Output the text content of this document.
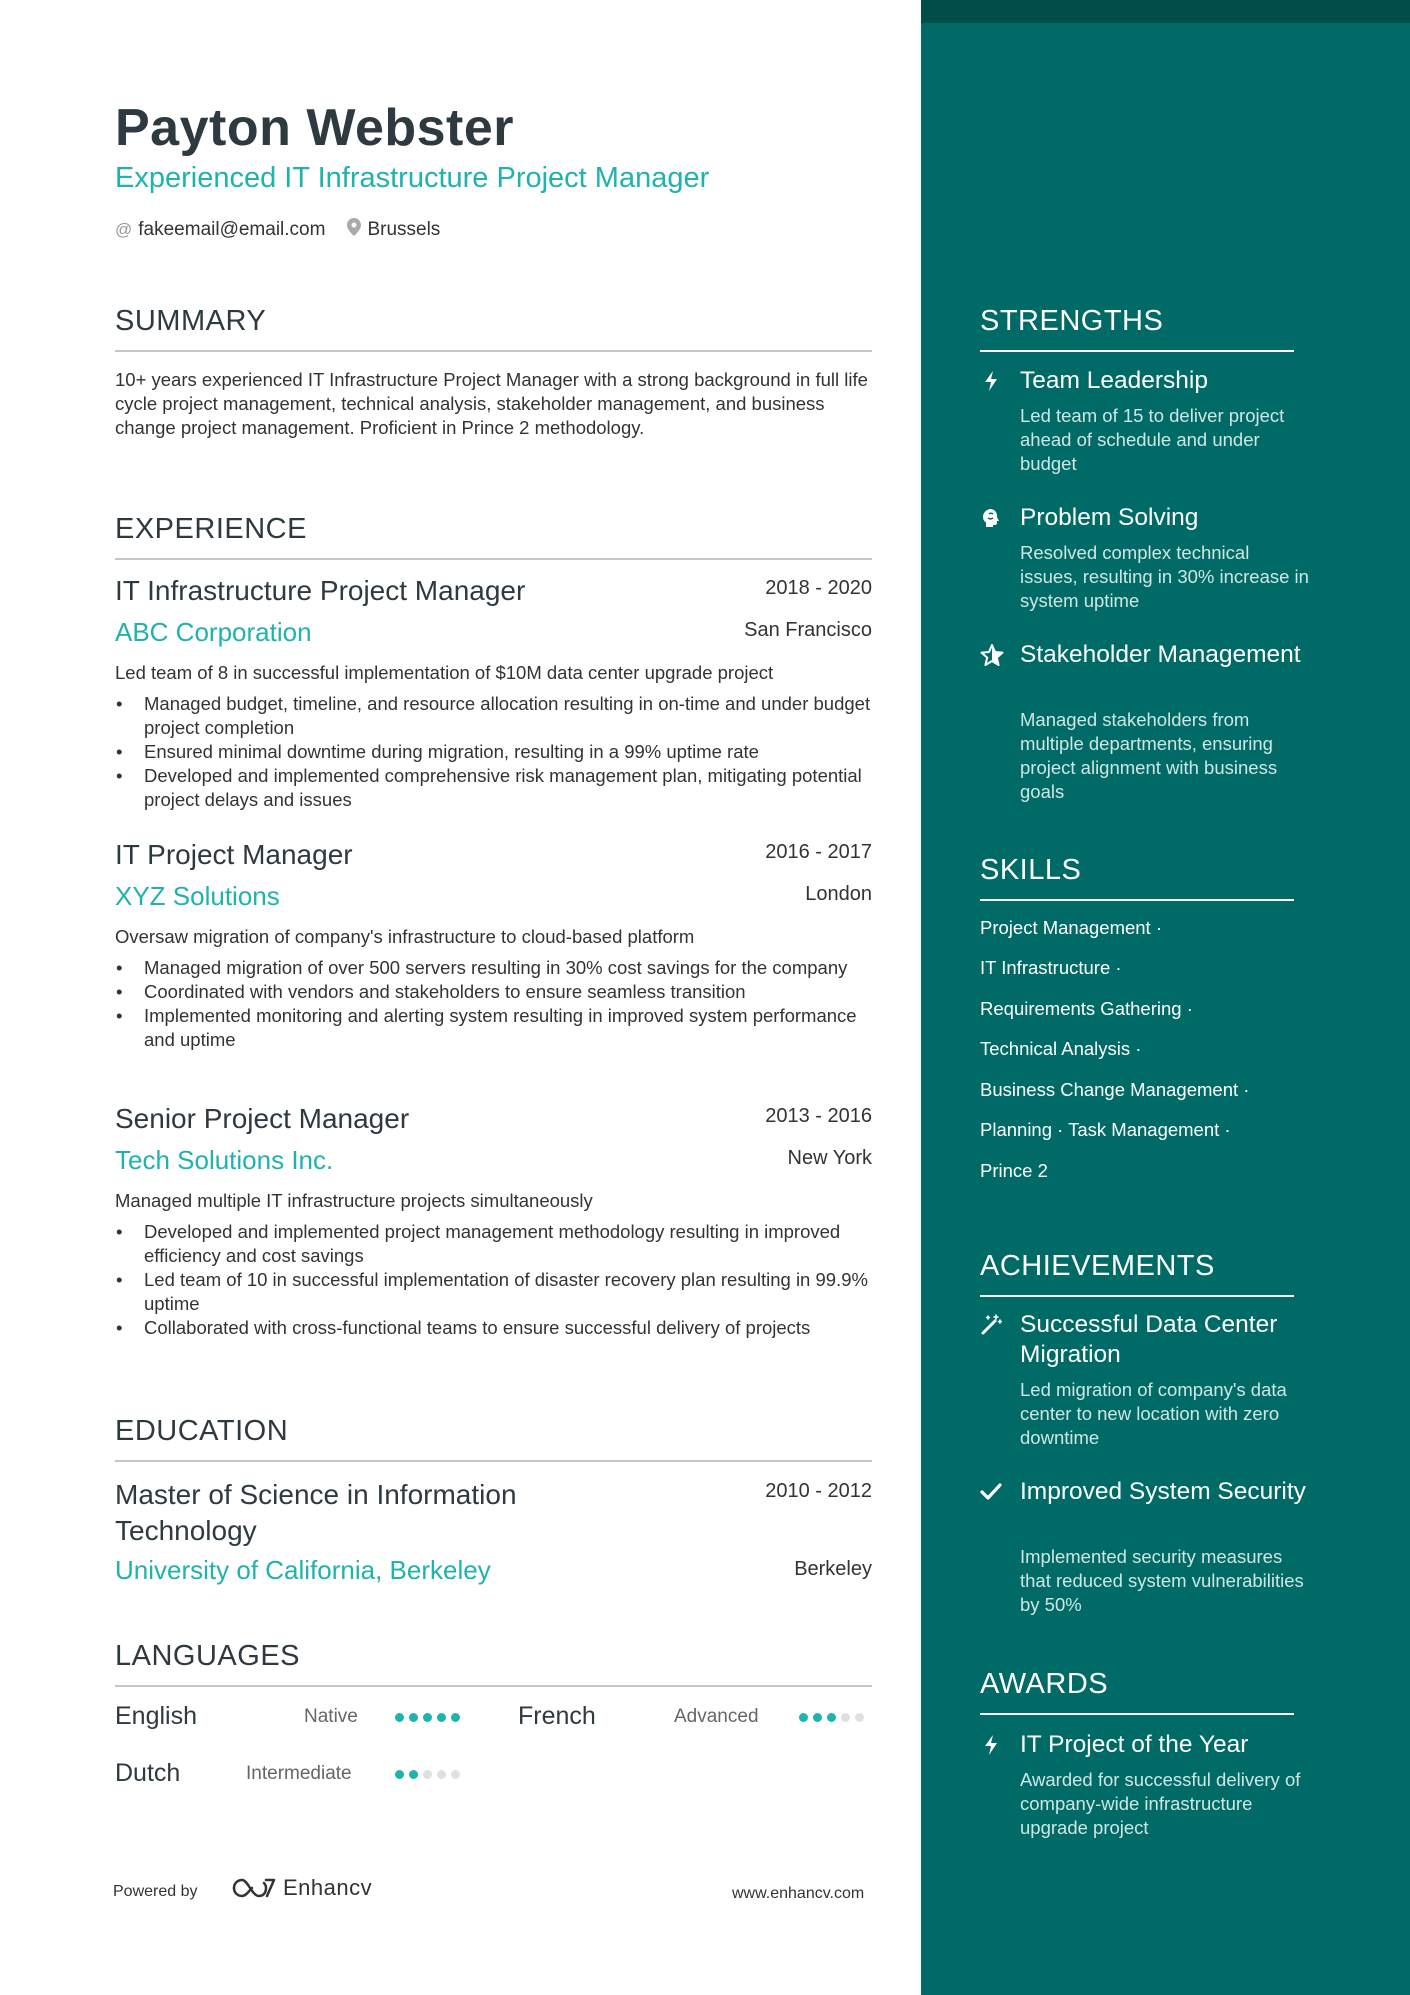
Payton Webster
Experienced IT Infrastructure Project Manager
@ fakeemail@email.com Brussels
SUMMARY
10+ years experienced IT Infrastructure Project Manager with a strong background in full life cycle project management, technical analysis, stakeholder management, and business change project management. Proficient in Prince 2 methodology.
EXPERIENCE
IT Infrastructure Project Manager	2018 - 2020
ABC Corporation	San Francisco
Led team of 8 in successful implementation of $10M data center upgrade project
• Managed budget, timeline, and resource allocation resulting in on-time and under budget project completion
• Ensured minimal downtime during migration, resulting in a 99% uptime rate
• Developed and implemented comprehensive risk management plan, mitigating potential project delays and issues
IT Project Manager	2016 - 2017
XYZ Solutions	London
Oversaw migration of company's infrastructure to cloud-based platform
• Managed migration of over 500 servers resulting in 30% cost savings for the company
• Coordinated with vendors and stakeholders to ensure seamless transition
• Implemented monitoring and alerting system resulting in improved system performance and uptime
Senior Project Manager	2013 - 2016
Tech Solutions Inc.	New York
Managed multiple IT infrastructure projects simultaneously
• Developed and implemented project management methodology resulting in improved efficiency and cost savings
• Led team of 10 in successful implementation of disaster recovery plan resulting in 99.9% uptime
• Collaborated with cross-functional teams to ensure successful delivery of projects
EDUCATION
Master of Science in Information Technology
2010 - 2012
University of California, Berkeley	Berkeley
LANGUAGES
English	Native	French	Advanced
Dutch	Intermediate
Powered by	Enhancv	www.enhancv.com
STRENGTHS
Team Leadership
Led team of 15 to deliver project ahead of schedule and under budget
Problem Solving
Resolved complex technical issues, resulting in 30% increase in system uptime
Stakeholder Management
Managed stakeholders from multiple departments, ensuring project alignment with business goals
SKILLS
Project Management ·
IT Infrastructure ·
Requirements Gathering ·
Technical Analysis ·
Business Change Management ·
Planning · Task Management ·
Prince 2
ACHIEVEMENTS
Successful Data Center Migration
Led migration of company's data center to new location with zero downtime
Improved System Security
Implemented security measures that reduced system vulnerabilities by 50%
AWARDS
IT Project of the Year
Awarded for successful delivery of company-wide infrastructure upgrade project
